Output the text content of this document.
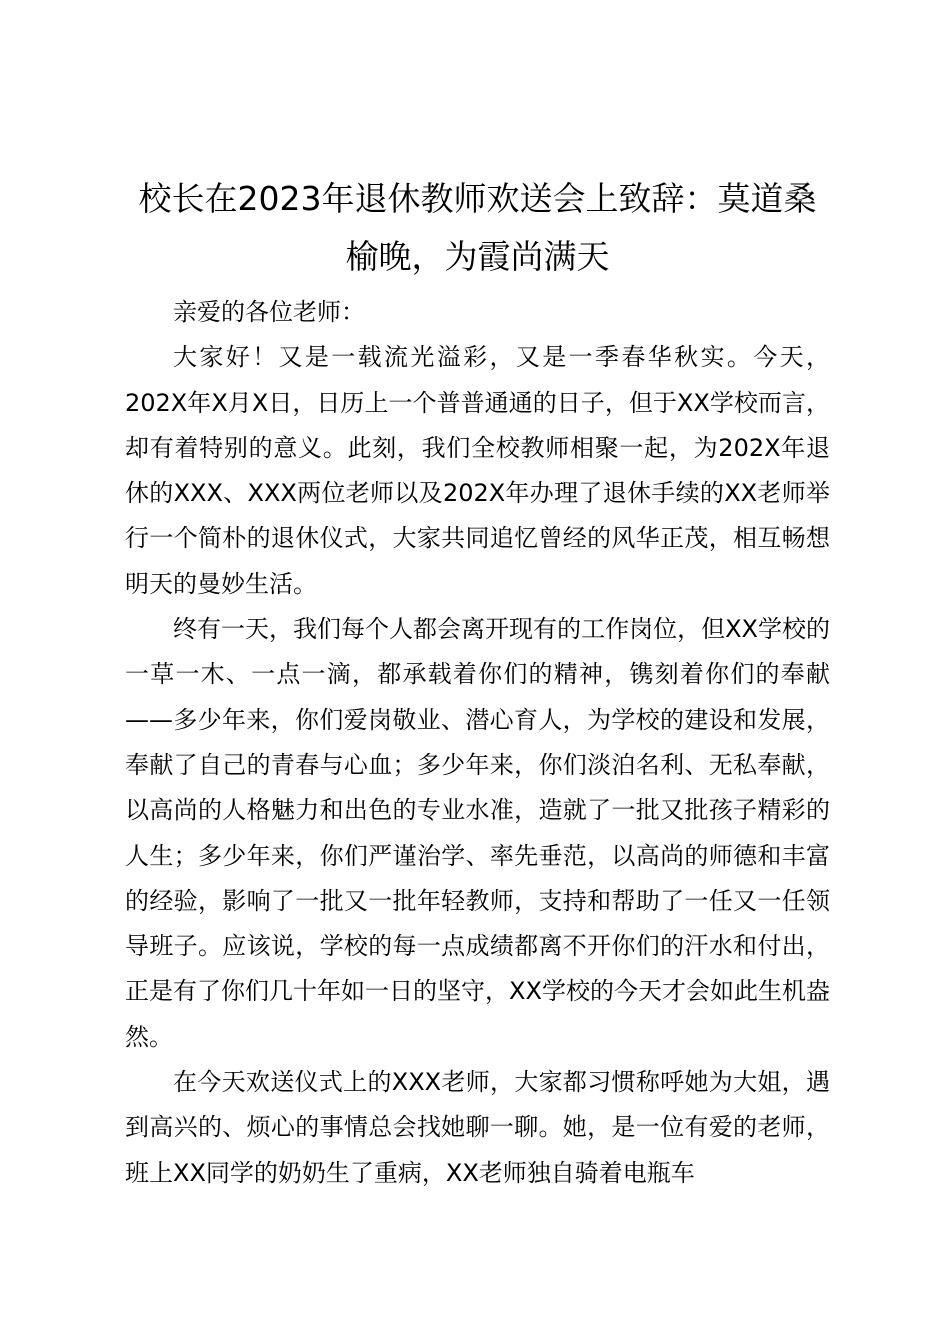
校长在2023年退休教师欢送会上致辞：莫道桑榆晚，为霞尚满天

亲爱的各位老师：

大家好！又是一载流光溢彩，又是一季春华秋实。今天，202X年X月X日，日历上一个普普通通的日子，但于XX学校而言，却有着特别的意义。此刻，我们全校教师相聚一起，为202X年退休的XXX、XXX两位老师以及202X年办理了退休手续的XX老师举行一个简朴的退休仪式，大家共同追忆曾经的风华正茂，相互畅想明天的曼妙生活。

终有一天，我们每个人都会离开现有的工作岗位，但XX学校的一草一木、一点一滴，都承载着你们的精神，镌刻着你们的奉献——多少年来，你们爱岗敬业、潜心育人，为学校的建设和发展，奉献了自己的青春与心血；多少年来，你们淡泊名利、无私奉献，以高尚的人格魅力和出色的专业水准，造就了一批又批孩子精彩的人生；多少年来，你们严谨治学、率先垂范，以高尚的师德和丰富的经验，影响了一批又一批年轻教师，支持和帮助了一任又一任领导班子。应该说，学校的每一点成绩都离不开你们的汗水和付出，正是有了你们几十年如一日的坚守，XX学校的今天才会如此生机盎然。

在今天欢送仪式上的XXX老师，大家都习惯称呼她为大姐，遇到高兴的、烦心的事情总会找她聊一聊。她，是一位有爱的老师，班上XX同学的奶奶生了重病，XX老师独自骑着电瓶车
